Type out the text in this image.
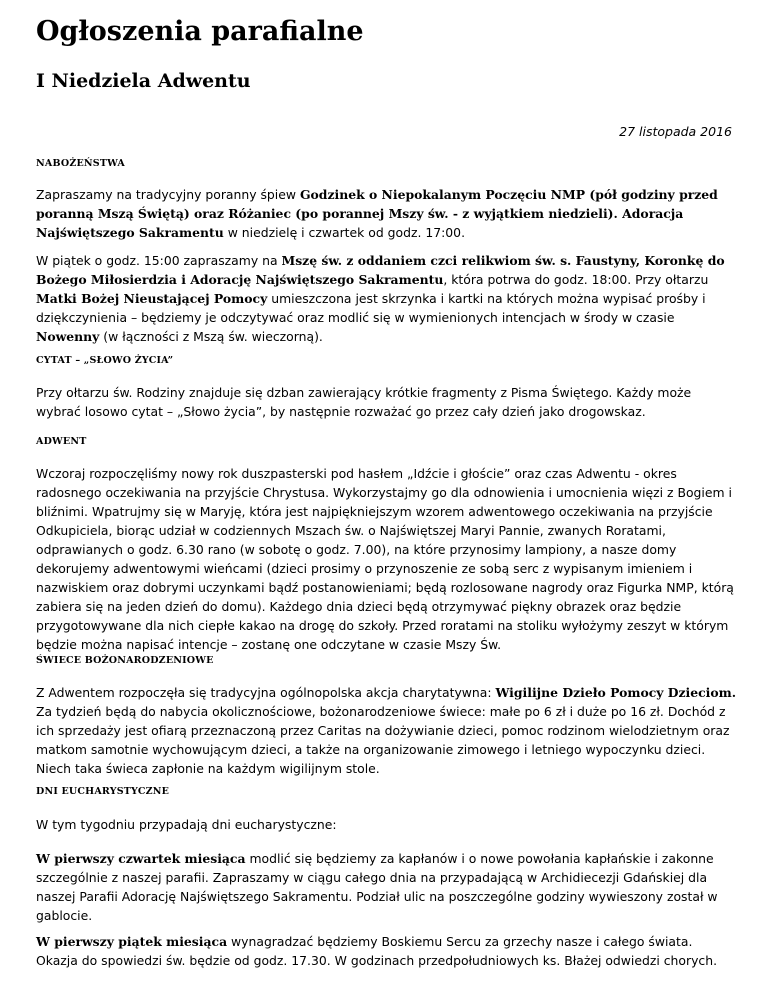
Ogłoszenia parafialne
I Niedziela Adwentu
27 listopada 2016
NABOŻEŃSTWA

Zapraszamy na tradycyjny poranny śpiew Godzinek o Niepokalanym Poczęciu NMP (pół godziny przed poranną Mszą Świętą) oraz Różaniec (po porannej Mszy św. - z wyjątkiem niedzieli). Adoracja Najświętszego Sakramentu w niedzielę i czwartek od godz. 17:00.

W piątek o godz. 15:00 zapraszamy na Mszę św. z oddaniem czci relikwiom św. s. Faustyny, Koronkę do Bożego Miłosierdzia i Adorację Najświętszego Sakramentu, która potrwa do godz. 18:00. Przy ołtarzu Matki Bożej Nieustającej Pomocy umieszczona jest skrzynka i kartki na których można wypisać prośby i dziękczynienia – będziemy je odczytywać oraz modlić się w wymienionych intencjach w środy w czasie Nowenny (w łączności z Mszą św. wieczorną).

CYTAT – „SŁOWO ŻYCIA”

Przy ołtarzu św. Rodziny znajduje się dzban zawierający krótkie fragmenty z Pisma Świętego. Każdy może wybrać losowo cytat – „Słowo życia”, by następnie rozważać go przez cały dzień jako drogowskaz.

ADWENT

Wczoraj rozpoczęliśmy nowy rok duszpasterski pod hasłem „Idźcie i głoście” oraz czas Adwentu - okres radosnego oczekiwania na przyjście Chrystusa. Wykorzystajmy go dla odnowienia i umocnienia więzi z Bogiem i bliźnimi. Wpatrujmy się w Maryję, która jest najpiękniejszym wzorem adwentowego oczekiwania na przyjście Odkupiciela, biorąc udział w codziennych Mszach św. o Najświętszej Maryi Pannie, zwanych Roratami, odprawianych o godz. 6.30 rano (w sobotę o godz. 7.00), na które przynosimy lampiony, a nasze domy dekorujemy adwentowymi wieńcami (dzieci prosimy o przynoszenie ze sobą serc z wypisanym imieniem i nazwiskiem oraz dobrymi uczynkami bądź postanowieniami; będą rozlosowane nagrody oraz Figurka NMP, którą zabiera się na jeden dzień do domu). Każdego dnia dzieci będą otrzymywać piękny obrazek oraz będzie przygotowywane dla nich ciepłe kakao na drogę do szkoły. Przed roratami na stoliku wyłożymy zeszyt w którym będzie można napisać intencje – zostanę one odczytane w czasie Mszy Św.

ŚWIECE BOŻONARODZENIOWE

Z Adwentem rozpoczęła się tradycyjna ogólnopolska akcja charytatywna: Wigilijne Dzieło Pomocy Dzieciom. Za tydzień będą do nabycia okolicznościowe, bożonarodzeniowe świece: małe po 6 zł i duże po 16 zł. Dochód z ich sprzedaży jest ofiarą przeznaczoną przez Caritas na dożywianie dzieci, pomoc rodzinom wielodzietnym oraz matkom samotnie wychowującym dzieci, a także na organizowanie zimowego i letniego wypoczynku dzieci. Niech taka świeca zapłonie na każdym wigilijnym stole.

DNI EUCHARYSTYCZNE

W tym tygodniu przypadają dni eucharystyczne:

W pierwszy czwartek miesiąca modlić się będziemy za kapłanów i o nowe powołania kapłańskie i zakonne szczególnie z naszej parafii. Zapraszamy w ciągu całego dnia na przypadającą w Archidiecezji Gdańskiej dla naszej Parafii Adorację Najświętszego Sakramentu. Podział ulic na poszczególne godziny wywieszony został w gablocie.

W pierwszy piątek miesiąca wynagradzać będziemy Boskiemu Sercu za grzechy nasze i całego świata. Okazja do spowiedzi św. będzie od godz. 17.30. W godzinach przedpołudniowych ks. Błażej odwiedzi chorych.
